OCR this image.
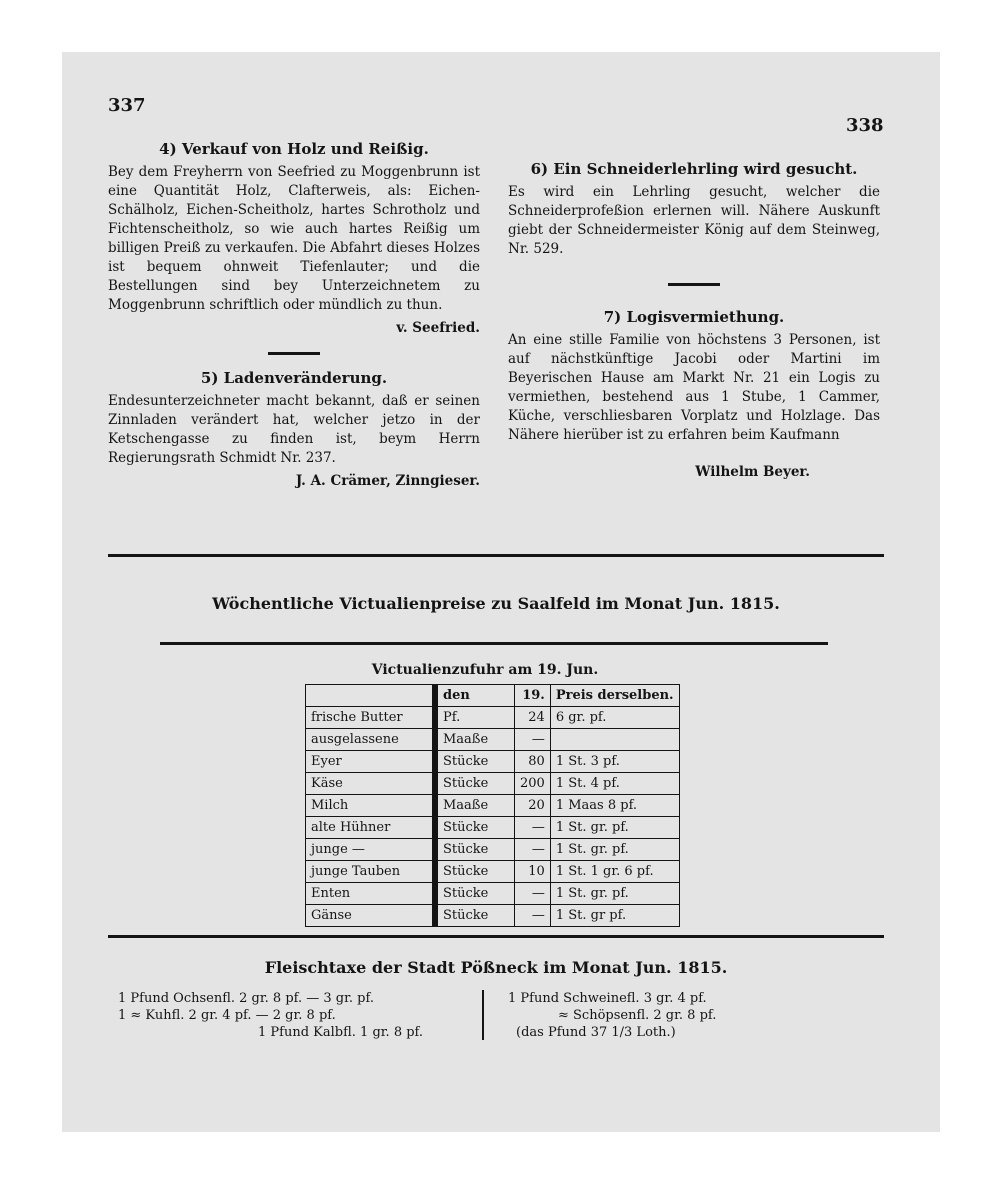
337
338
4) Verkauf von Holz und Reißig.

Bey dem Freyherrn von Seefried zu Moggenbrunn ist eine Quantität Holz, Clafterweis, als: Eichen-Schälholz, Eichen-Scheitholz, hartes Schrotholz und Fichtenscheitholz, so wie auch hartes Reißig um billigen Preiß zu verkaufen. Die Abfahrt dieses Holzes ist bequem ohnweit Tiefenlauter; und die Bestellungen sind bey Unterzeichnetem zu Moggenbrunn schriftlich oder mündlich zu thun.

v. Seefried.
5) Ladenveränderung.

Endesunterzeichneter macht bekannt, daß er seinen Zinnladen verändert hat, welcher jetzo in der Ketschengasse zu finden ist, beym Herrn Regierungsrath Schmidt Nr. 237.

J. A. Crämer, Zinngieser.
6) Ein Schneiderlehrling wird gesucht.

Es wird ein Lehrling gesucht, welcher die Schneiderprofeßion erlernen will. Nähere Auskunft giebt der Schneidermeister König auf dem Steinweg, Nr. 529.

7) Logisvermiethung.

An eine stille Familie von höchstens 3 Personen, ist auf nächstkünftige Jacobi oder Martini im Beyerischen Hause am Markt Nr. 21 ein Logis zu vermiethen, bestehend aus 1 Stube, 1 Cammer, Küche, verschliesbaren Vorplatz und Holzlage. Das Nähere hierüber ist zu erfahren beim Kaufmann

Wilhelm Beyer.
Wöchentliche Victualienpreise zu Saalfeld im Monat Jun. 1815.
Victualienzufuhr am 19. Jun.
		den	19.	Preis derselben.
frische Butter		Pf.	24	6 gr. pf.
ausgelassene		Maaße	—	
Eyer		Stücke	80	1 St. 3 pf.
Käse		Stücke	200	1 St. 4 pf.
Milch		Maaße	20	1 Maas 8 pf.
alte Hühner		Stücke	—	1 St. gr. pf.
junge —		Stücke	—	1 St. gr. pf.
junge Tauben		Stücke	10	1 St. 1 gr. 6 pf.
Enten		Stücke	—	1 St. gr. pf.
Gänse		Stücke	—	1 St. gr pf.
Fleischtaxe der Stadt Pößneck im Monat Jun. 1815.
1 Pfund Ochsenfl. 2 gr. 8 pf. — 3 gr. pf.
1 ≈ Kuhfl. 2 gr. 4 pf. — 2 gr. 8 pf.
1 Pfund Kalbfl. 1 gr. 8 pf.
1 Pfund Schweinefl. 3 gr. 4 pf.
≈ Schöpsenfl. 2 gr. 8 pf.
(das Pfund 37 1/3 Loth.)
